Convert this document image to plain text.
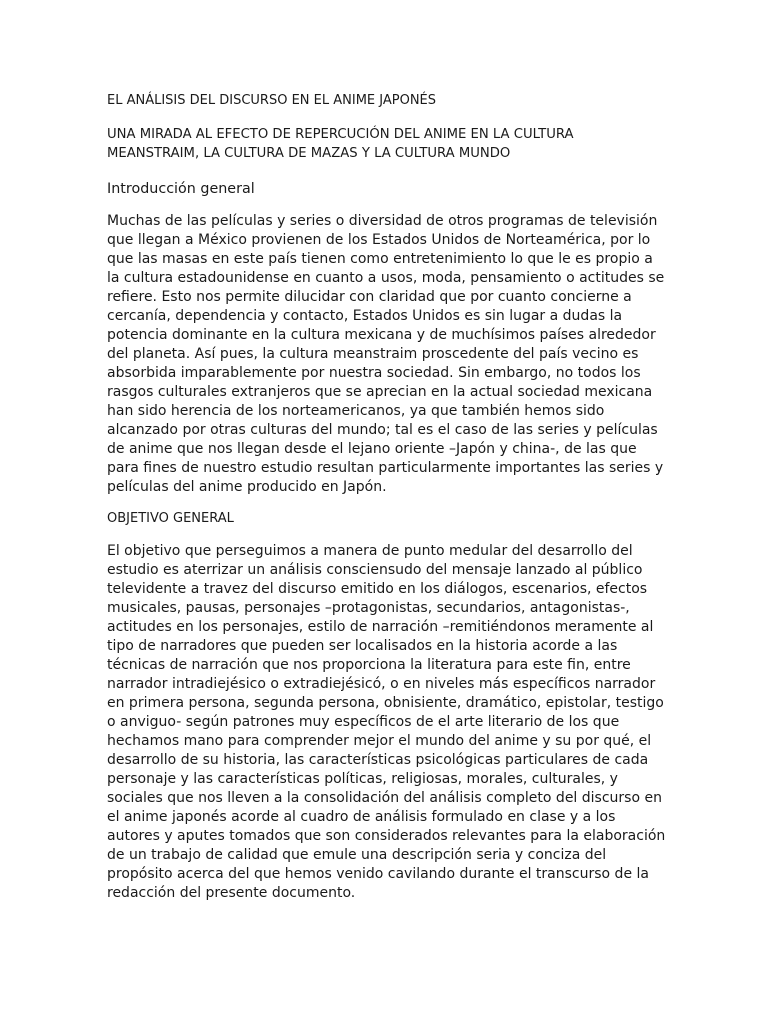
EL ANÁLISIS DEL DISCURSO EN EL ANIME JAPONÉS
UNA MIRADA AL EFECTO DE REPERCUCIÓN DEL ANIME EN LA CULTURA
MEANSTRAIM, LA CULTURA DE MAZAS Y LA CULTURA MUNDO
Introducción general
Muchas de las películas y series o diversidad de otros programas de televisión
que llegan a México provienen de los Estados Unidos de Norteamérica, por lo
que las masas en este país tienen como entretenimiento lo que le es propio a
la cultura estadounidense en cuanto a usos, moda, pensamiento o actitudes se
refiere. Esto nos permite dilucidar con claridad que por cuanto concierne a
cercanía, dependencia y contacto, Estados Unidos es sin lugar a dudas la
potencia dominante en la cultura mexicana y de muchísimos países alrededor
del planeta. Así pues, la cultura meanstraim proscedente del país vecino es
absorbida imparablemente por nuestra sociedad. Sin embargo, no todos los
rasgos culturales extranjeros que se aprecian en la actual sociedad mexicana
han sido herencia de los norteamericanos, ya que también hemos sido
alcanzado por otras culturas del mundo; tal es el caso de las series y películas
de anime que nos llegan desde el lejano oriente –Japón y china-, de las que
para fines de nuestro estudio resultan particularmente importantes las series y
películas del anime producido en Japón.
OBJETIVO GENERAL
El objetivo que perseguimos a manera de punto medular del desarrollo del
estudio es aterrizar un análisis consciensudo del mensaje lanzado al público
televidente a travez del discurso emitido en los diálogos, escenarios, efectos
musicales, pausas, personajes –protagonistas, secundarios, antagonistas-,
actitudes en los personajes, estilo de narración –remitiéndonos meramente al
tipo de narradores que pueden ser localisados en la historia acorde a las
técnicas de narración que nos proporciona la literatura para este fin, entre
narrador intradiejésico o extradiejésicó, o en niveles más específicos narrador
en primera persona, segunda persona, obnisiente, dramático, epistolar, testigo
o anviguo- según patrones muy específicos de el arte literario de los que
hechamos mano para comprender mejor el mundo del anime y su por qué, el
desarrollo de su historia, las características psicológicas particulares de cada
personaje y las características políticas, religiosas, morales, culturales, y
sociales que nos lleven a la consolidación del análisis completo del discurso en
el anime japonés acorde al cuadro de análisis formulado en clase y a los
autores y aputes tomados que son considerados relevantes para la elaboración
de un trabajo de calidad que emule una descripción seria y conciza del
propósito acerca del que hemos venido cavilando durante el transcurso de la
redacción del presente documento.
